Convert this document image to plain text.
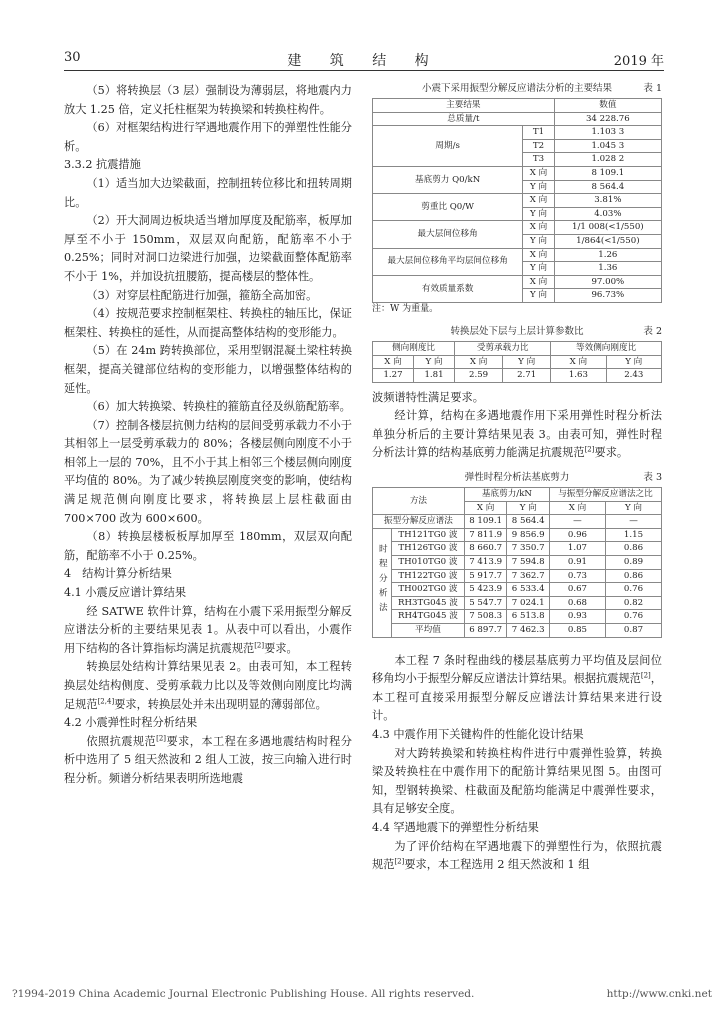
30	建 筑 结 构	2019 年

（5）将转换层（3 层）强制设为薄弱层，将地震内力放大 1.25 倍，定义托柱框架为转换梁和转换柱构件。

（6）对框架结构进行罕遇地震作用下的弹塑性性能分析。

3.3.2 抗震措施

（1）适当加大边梁截面，控制扭转位移比和扭转周期比。

（2）开大洞周边板块适当增加厚度及配筋率，板厚加厚至不小于 150mm，双层双向配筋，配筋率不小于 0.25%；同时对洞口边梁进行加强，边梁截面整体配筋率不小于 1%，并加设抗扭腰筋，提高楼层的整体性。

（3）对穿层柱配筋进行加强，箍筋全高加密。

（4）按规范要求控制框架柱、转换柱的轴压比，保证框架柱、转换柱的延性，从而提高整体结构的变形能力。

（5）在 24m 跨转换部位，采用型钢混凝土梁柱转换框架，提高关键部位结构的变形能力，以增强整体结构的延性。

（6）加大转换梁、转换柱的箍筋直径及纵筋配筋率。

（7）控制各楼层抗侧力结构的层间受剪承载力不小于其相邻上一层受剪承载力的 80%；各楼层侧向刚度不小于相邻上一层的 70%，且不小于其上相邻三个楼层侧向刚度平均值的 80%。为了减少转换层刚度突变的影响，使结构满足规范侧向刚度比要求，将转换层上层柱截面由 700×700 改为 600×600。

（8）转换层楼板板厚加厚至 180mm，双层双向配筋，配筋率不小于 0.25%。

4　结构计算分析结果

4.1 小震反应谱计算结果

经 SATWE 软件计算，结构在小震下采用振型分解反应谱法分析的主要结果见表 1。从表中可以看出，小震作用下结构的各计算指标均满足抗震规范[2]要求。

转换层处结构计算结果见表 2。由表可知，本工程转换层处结构侧度、受剪承载力比以及等效侧向刚度比均满足规范[2,4]要求，转换层处并未出现明显的薄弱部位。

4.2 小震弹性时程分析结果

依照抗震规范[2]要求，本工程在多遇地震结构时程分析中选用了 5 组天然波和 2 组人工波，按三向输入进行时程分析。频谱分析结果表明所选地震

小震下采用振型分解反应谱法分析的主要结果	表 1
主要结果		数值
总质量/t		34 228.76
周期/s	T1	1.103 3
	T2	1.045 3
	T3	1.028 2
基底剪力 Q0/kN	X 向	8 109.1
	Y 向	8 564.4
剪重比 Q0/W	X 向	3.81%
	Y 向	4.03%
最大层间位移角	X 向	1/1 008(<1/550)
	Y 向	1/864(<1/550)
最大层间位移角平均层间位移角	X 向	1.26
	Y 向	1.36
有效质量系数	X 向	97.00%
	Y 向	96.73%

注：W 为重量。

转换层处下层与上层计算参数比	表 2
侧向刚度比		受剪承载力比		等效侧向刚度比	
X 向	Y 向	X 向	Y 向	X 向	Y 向
1.27	1.81	2.59	2.71	1.63	2.43

波频谱特性满足要求。

经计算，结构在多遇地震作用下采用弹性时程分析法单独分析后的主要计算结果见表 3。由表可知，弹性时程分析法计算的结构基底剪力能满足抗震规范[2]要求。

弹性时程分析法基底剪力	表 3
方法		基底剪力/kN		与振型分解反应谱法之比	
		X 向	Y 向	X 向	Y 向
振型分解反应谱法		8 109.1	8 564.4	—	—
时程分析法	TH121TG0 波	7 811.9	9 856.9	0.96	1.15
	TH126TG0 波	8 660.7	7 350.7	1.07	0.86
	TH010TG0 波	7 413.9	7 594.8	0.91	0.89
	TH122TG0 波	5 917.7	7 362.7	0.73	0.86
	TH002TG0 波	5 423.9	6 533.4	0.67	0.76
	RH3TG045 波	5 547.7	7 024.1	0.68	0.82
	RH4TG045 波	7 508.3	6 513.8	0.93	0.76
	平均值	6 897.7	7 462.3	0.85	0.87

本工程 7 条时程曲线的楼层基底剪力平均值及层间位移角均小于振型分解反应谱法计算结果。根据抗震规范[2]，本工程可直接采用振型分解反应谱法计算结果来进行设计。

4.3 中震作用下关键构件的性能化设计结果

对大跨转换梁和转换柱构件进行中震弹性验算，转换梁及转换柱在中震作用下的配筋计算结果见图 5。由图可知，型钢转换梁、柱截面及配筋均能满足中震弹性要求，具有足够安全度。

4.4 罕遇地震下的弹塑性分析结果

为了评价结构在罕遇地震下的弹塑性行为，依照抗震规范[2]要求，本工程选用 2 组天然波和 1 组

?1994-2019 China Academic Journal Electronic Publishing House. All rights reserved.	http://www.cnki.net
